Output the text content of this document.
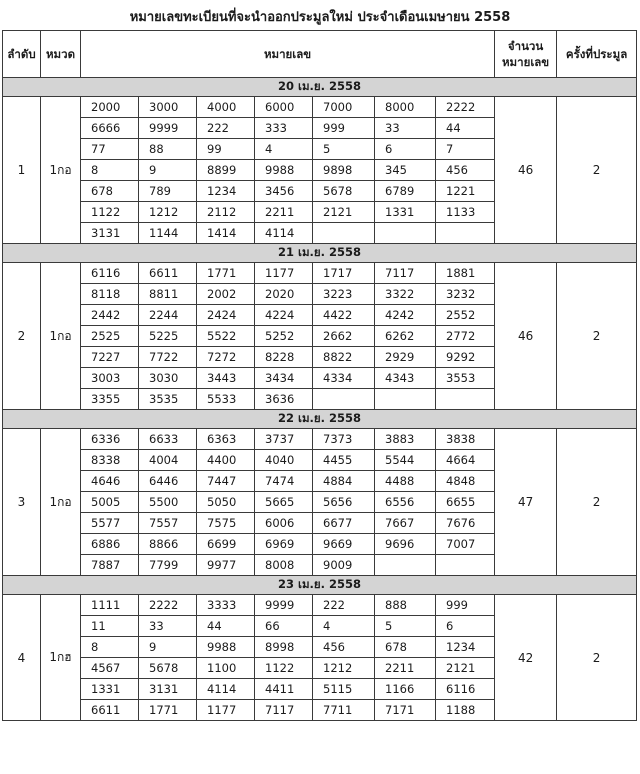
หมายเลขทะเบียนที่จะนำออกประมูลใหม่ ประจำเดือนเมษายน 2558
ลำดับ	หมวด	หมายเลข							จำนวนหมายเลข	ครั้งที่ประมูล
20 เม.ย. 2558										
1	1กอ	2000	3000	4000	6000	7000	8000	2222	46	2
		6666	9999	222	333	999	33	44		
		77	88	99	4	5	6	7		
		8	9	8899	9988	9898	345	456		
		678	789	1234	3456	5678	6789	1221		
		1122	1212	2112	2211	2121	1331	1133		
		3131	1144	1414	4114					
21 เม.ย. 2558										
2	1กอ	6116	6611	1771	1177	1717	7117	1881	46	2
		8118	8811	2002	2020	3223	3322	3232		
		2442	2244	2424	4224	4422	4242	2552		
		2525	5225	5522	5252	2662	6262	2772		
		7227	7722	7272	8228	8822	2929	9292		
		3003	3030	3443	3434	4334	4343	3553		
		3355	3535	5533	3636					
22 เม.ย. 2558										
3	1กอ	6336	6633	6363	3737	7373	3883	3838	47	2
		8338	4004	4400	4040	4455	5544	4664		
		4646	6446	7447	7474	4884	4488	4848		
		5005	5500	5050	5665	5656	6556	6655		
		5577	7557	7575	6006	6677	7667	7676		
		6886	8866	6699	6969	9669	9696	7007		
		7887	7799	9977	8008	9009				
23 เม.ย. 2558										
4	1กฮ	1111	2222	3333	9999	222	888	999	42	2
		11	33	44	66	4	5	6		
		8	9	9988	8998	456	678	1234		
		4567	5678	1100	1122	1212	2211	2121		
		1331	3131	4114	4411	5115	1166	6116		
		6611	1771	1177	7117	7711	7171	1188		
